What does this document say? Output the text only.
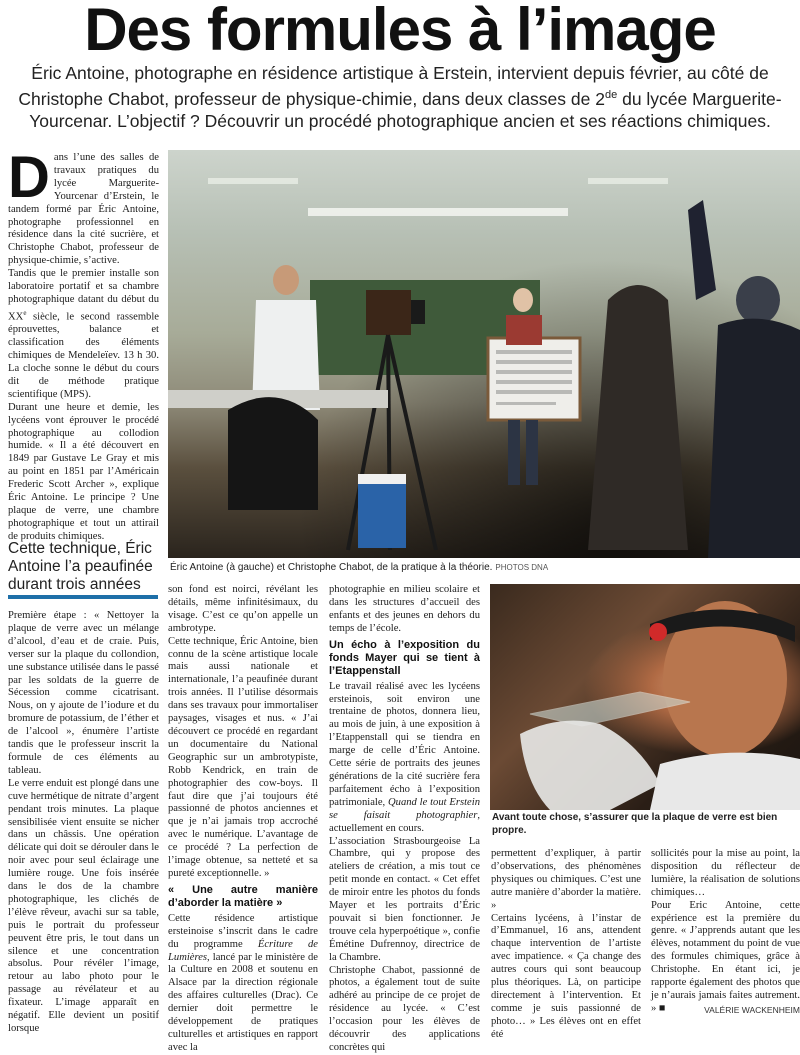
Des formules à l’image
Éric Antoine, photographe en résidence artistique à Erstein, intervient depuis février, au côté de Christophe Chabot, professeur de physique-chimie, dans deux classes de 2de du lycée Marguerite-Yourcenar. L’objectif ? Découvrir un procédé photographique ancien et ses réactions chimiques.
D ans l’une des salles de travaux pratiques du lycée Marguerite-Yourcenar d’Erstein, le tandem formé par Éric Antoine, photographe professionnel en résidence dans la cité sucrière, et Christophe Chabot, professeur de physique-chimie, s’active.

Tandis que le premier installe son laboratoire portatif et sa chambre photographique datant du début du XXe siècle, le second rassemble éprouvettes, balance et classification des éléments chimiques de Mendeleïev. 13 h 30. La cloche sonne le début du cours dit de méthode pratique scientifique (MPS).

Durant une heure et demie, les lycéens vont éprouver le procédé photographique au collodion humide. « Il a été découvert en 1849 par Gustave Le Gray et mis au point en 1851 par l’Américain Frederic Scott Archer », explique Éric Antoine. Le principe ? Une plaque de verre, une chambre photographique et tout un attirail de produits chimiques.

Éric Antoine (à gauche) et Christophe Chabot, de la pratique à la théorie. PHOTOS DNA
Cette technique, Éric Antoine l’a peaufinée durant trois années

Première étape : « Nettoyer la plaque de verre avec un mélange d’alcool, d’eau et de craie. Puis, verser sur la plaque du collondion, une substance utilisée dans le passé par les soldats de la guerre de Sécession comme cicatrisant. Nous, on y ajoute de l’iodure et du bromure de potassium, de l’éther et de l’alcool », énumère l’artiste tandis que le professeur inscrit la formule de ces éléments au tableau.

Le verre enduit est plongé dans une cuve hermétique de nitrate d’argent pendant trois minutes. La plaque sensibilisée vient ensuite se nicher dans un châssis. Une opération délicate qui doit se dérouler dans le noir avec pour seul éclairage une lumière rouge. Une fois insérée dans le dos de la chambre photographique, les clichés de l’élève rêveur, avachi sur sa table, puis le portrait du professeur peuvent être pris, le tout dans un silence et une concentration absolus. Pour révéler l’image, retour au labo photo pour le passage au révélateur et au fixateur. L’image apparaît en négatif. Elle devient un positif lorsque

son fond est noirci, révélant les détails, même infinitésimaux, du visage. C’est ce qu’on appelle un ambrotype.

Cette technique, Éric Antoine, bien connu de la scène artistique locale mais aussi nationale et internationale, l’a peaufinée durant trois années. Il l’utilise désormais dans ses travaux pour immortaliser paysages, visages et nus. « J’ai découvert ce procédé en regardant un documentaire du National Geographic sur un ambrotypiste, Robb Kendrick, en train de photographier des cow-boys. Il faut dire que j’ai toujours été passionné de photos anciennes et que je n’ai jamais trop accroché avec le numérique. L’avantage de ce procédé ? La perfection de l’image obtenue, sa netteté et sa pureté exceptionnelle. »

« Une autre manière d’aborder la matière »

Cette résidence artistique ersteinoise s’inscrit dans le cadre du programme Écriture de Lumières, lancé par le ministère de la Culture en 2008 et soutenu en Alsace par la direction régionale des affaires culturelles (Drac). Ce dernier doit permettre le développement de pratiques culturelles et artistiques en rapport avec la

photographie en milieu scolaire et dans les structures d’accueil des enfants et des jeunes en dehors du temps de l’école.

Un écho à l’exposition du fonds Mayer qui se tient à l’Etappenstall

Le travail réalisé avec les lycéens ersteinois, soit environ une trentaine de photos, donnera lieu, au mois de juin, à une exposition à l’Etappenstall qui se tiendra en marge de celle d’Éric Antoine. Cette série de portraits des jeunes générations de la cité sucrière fera parfaitement écho à l’exposition patrimoniale, Quand le tout Erstein se faisait photographier, actuellement en cours.

L’association Strasbourgeoise La Chambre, qui y propose des ateliers de création, a mis tout ce petit monde en contact. « Cet effet de miroir entre les photos du fonds Mayer et les portraits d’Éric pouvait si bien fonctionner. Je trouve cela hyperpoétique », confie Émétine Dufrennoy, directrice de la Chambre.

Christophe Chabot, passionné de photos, a également tout de suite adhéré au principe de ce projet de résidence au lycée. « C’est l’occasion pour les élèves de découvrir des applications concrètes qui

Avant toute chose, s’assurer que la plaque de verre est bien propre.

permettent d’expliquer, à partir d’observations, des phénomènes physiques ou chimiques. C’est une autre manière d’aborder la matière. »

Certains lycéens, à l’instar de d’Emmanuel, 16 ans, attendent chaque intervention de l’artiste avec impatience. « Ça change des autres cours qui sont beaucoup plus théoriques. Là, on participe directement à l’intervention. Et comme je suis passionné de photo… » Les élèves ont en effet été

sollicités pour la mise au point, la disposition du réflecteur de lumière, la réalisation de solutions chimiques…

Pour Eric Antoine, cette expérience est la première du genre. « J’apprends autant que les élèves, notamment du point de vue des formules chimiques, grâce à Christophe. En étant ici, je rapporte également des photos que je n’aurais jamais faites autrement. » ■	VALÉRIE WACKENHEIM
